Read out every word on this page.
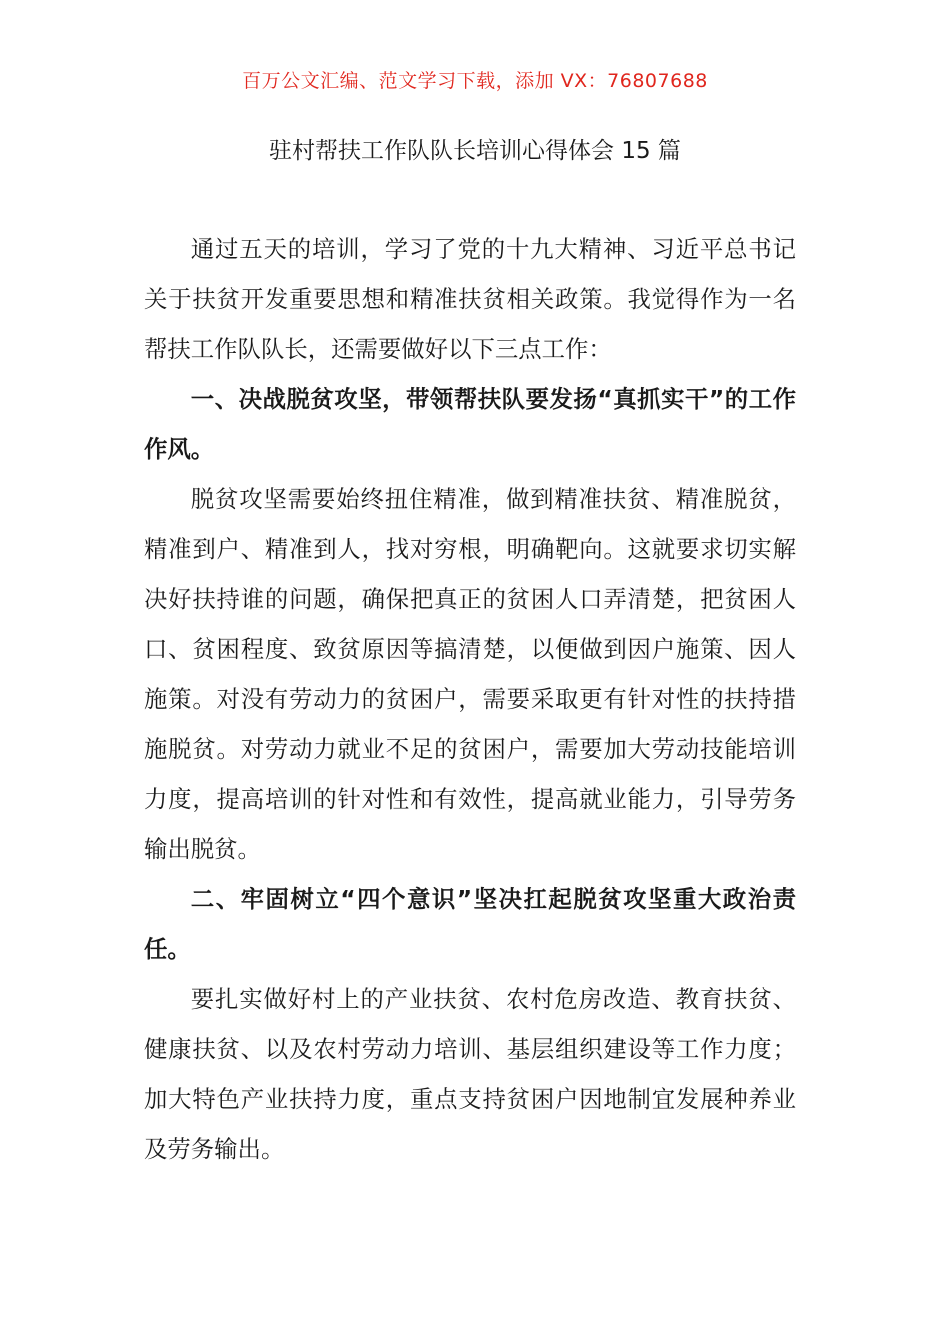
百万公文汇编、范文学习下载，添加 VX：76807688
驻村帮扶工作队队长培训心得体会 15 篇

通过五天的培训，学习了党的十九大精神、习近平总书记关于扶贫开发重要思想和精准扶贫相关政策。我觉得作为一名帮扶工作队队长，还需要做好以下三点工作：

一、决战脱贫攻坚，带领帮扶队要发扬“真抓实干”的工作作风。

脱贫攻坚需要始终扭住精准，做到精准扶贫、精准脱贫，精准到户、精准到人，找对穷根，明确靶向。这就要求切实解决好扶持谁的问题，确保把真正的贫困人口弄清楚，把贫困人口、贫困程度、致贫原因等搞清楚，以便做到因户施策、因人施策。对没有劳动力的贫困户，需要采取更有针对性的扶持措施脱贫。对劳动力就业不足的贫困户，需要加大劳动技能培训力度，提高培训的针对性和有效性，提高就业能力，引导劳务输出脱贫。

二、牢固树立“四个意识”坚决扛起脱贫攻坚重大政治责任。

要扎实做好村上的产业扶贫、农村危房改造、教育扶贫、健康扶贫、以及农村劳动力培训、基层组织建设等工作力度；加大特色产业扶持力度，重点支持贫困户因地制宜发展种养业及劳务输出。
